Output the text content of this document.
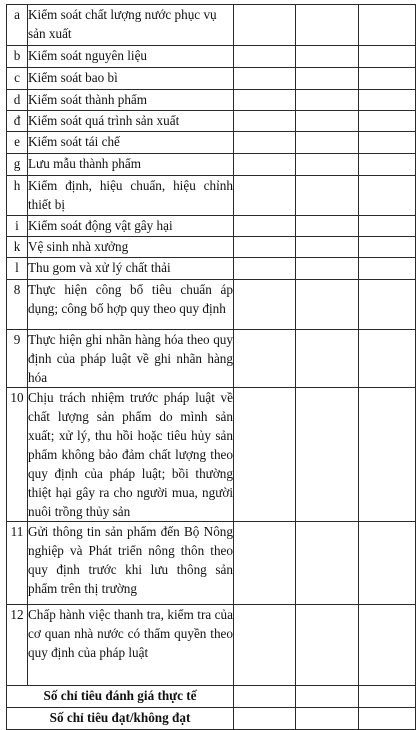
a	Kiểm soát chất lượng nước phục vụ sản xuất			
b	Kiểm soát nguyên liệu			
c	Kiểm soát bao bì			
d	Kiểm soát thành phẩm			
đ	Kiểm soát quá trình sản xuất			
e	Kiểm soát tái chế			
g	Lưu mẫu thành phẩm			
h	Kiểm định, hiệu chuẩn, hiệu chỉnh thiết bị			
i	Kiểm soát động vật gây hại			
k	Vệ sinh nhà xưởng			
l	Thu gom và xử lý chất thải			
8	Thực hiện công bố tiêu chuẩn áp dụng; công bố hợp quy theo quy định			
9	Thực hiện ghi nhãn hàng hóa theo quy định của pháp luật về ghi nhãn hàng hóa			
10	Chịu trách nhiệm trước pháp luật về chất lượng sản phẩm do mình sản xuất; xử lý, thu hồi hoặc tiêu hủy sản phẩm không bảo đảm chất lượng theo quy định của pháp luật; bồi thường thiệt hại gây ra cho người mua, người nuôi trồng thủy sản			
11	Gửi thông tin sản phẩm đến Bộ Nông nghiệp và Phát triển nông thôn theo quy định trước khi lưu thông sản phẩm trên thị trường			
12	Chấp hành việc thanh tra, kiểm tra của cơ quan nhà nước có thẩm quyền theo quy định của pháp luật			
Số chỉ tiêu đánh giá thực tế				
Số chỉ tiêu đạt/không đạt				
